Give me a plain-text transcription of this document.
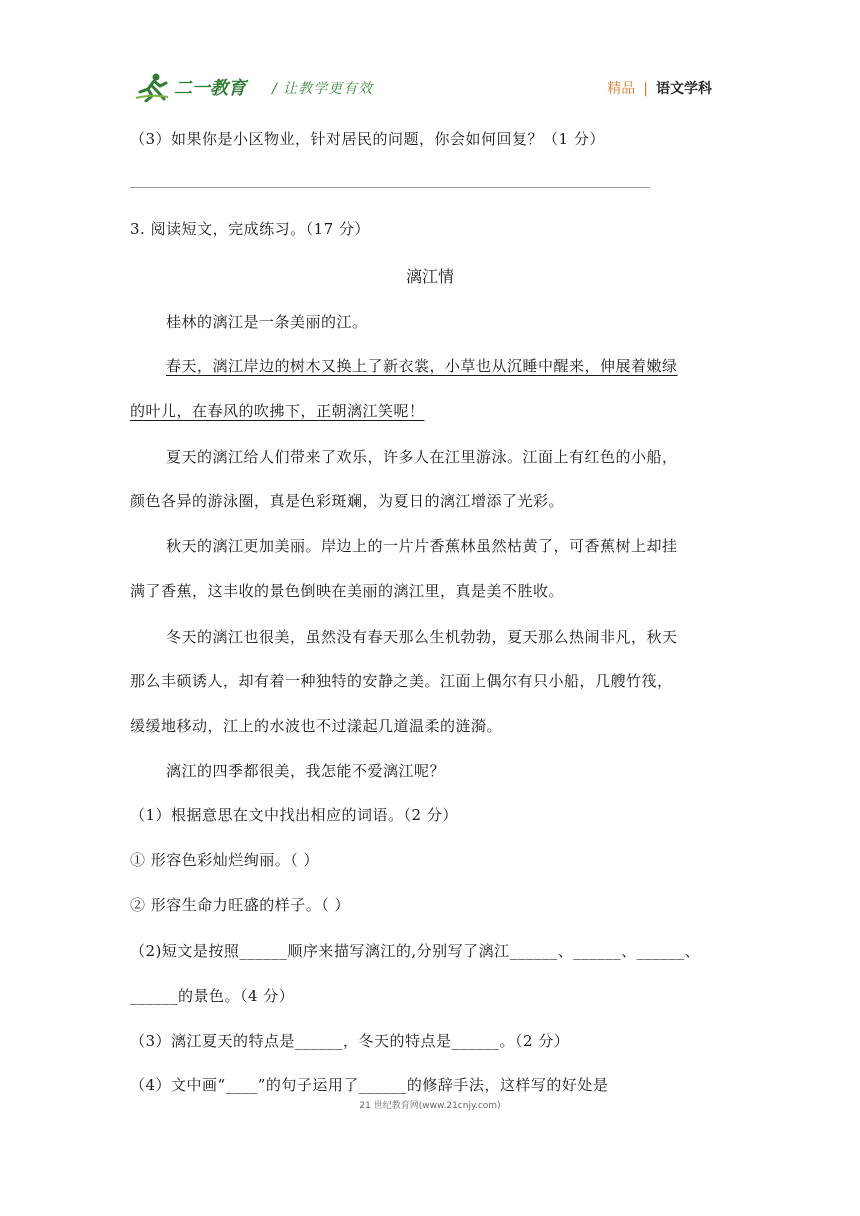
二一教育 / 让教学更有效	精品 | 语文学科
（3）如果你是小区物业，针对居民的问题，你会如何回复？（1 分）
3. 阅读短文，完成练习。（17 分）
漓江情
桂林的漓江是一条美丽的江。
春天，漓江岸边的树木又换上了新衣裳，小草也从沉睡中醒来，伸展着嫩绿
的叶儿，在春风的吹拂下，正朝漓江笑呢！
夏天的漓江给人们带来了欢乐，许多人在江里游泳。江面上有红色的小船，
颜色各异的游泳圈，真是色彩斑斓，为夏日的漓江增添了光彩。
秋天的漓江更加美丽。岸边上的一片片香蕉林虽然枯黄了，可香蕉树上却挂
满了香蕉，这丰收的景色倒映在美丽的漓江里，真是美不胜收。
冬天的漓江也很美，虽然没有春天那么生机勃勃，夏天那么热闹非凡，秋天
那么丰硕诱人，却有着一种独特的安静之美。江面上偶尔有只小船，几艘竹筏，
缓缓地移动，江上的水波也不过漾起几道温柔的涟漪。
漓江的四季都很美，我怎能不爱漓江呢？
（1）根据意思在文中找出相应的词语。（2 分）
① 形容色彩灿烂绚丽。（ ）
② 形容生命力旺盛的样子。（ ）
（2)短文是按照______顺序来描写漓江的,分别写了漓江______、______、______、
______的景色。（4 分）
（3）漓江夏天的特点是______，冬天的特点是______。（2 分）
（4）文中画“____”的句子运用了______的修辞手法，这样写的好处是
21 世纪教育网(www.21cnjy.com)
